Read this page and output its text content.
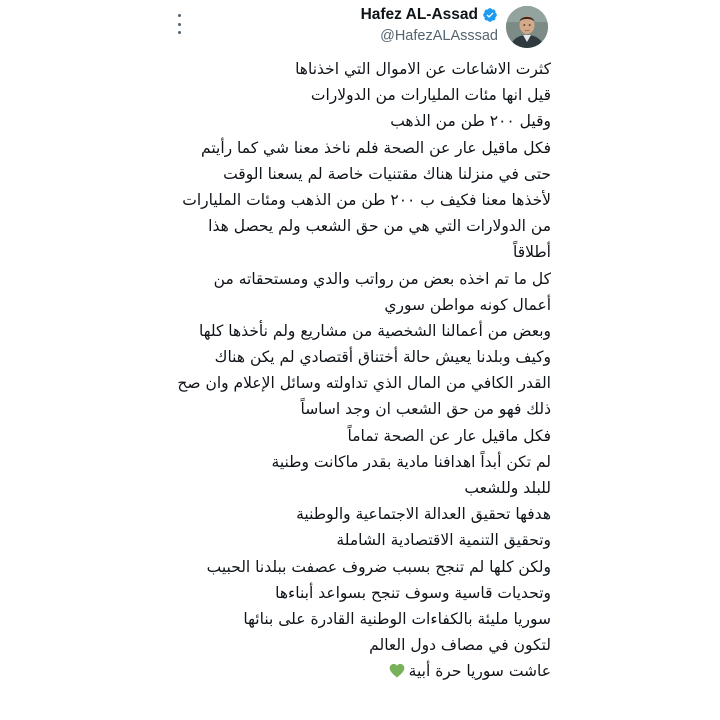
Hafez AL-Assad
@HafezALAsssad
كثرت الاشاعات عن الاموال التي اخذناها
قيل انها مئات المليارات من الدولارات
وقيل ٢٠٠ طن من الذهب
فكل ماقيل عار عن الصحة فلم ناخذ معنا شي كما رأيتم
حتى في منزلنا هناك مقتنيات خاصة لم يسعنا الوقت
لأخذها معنا فكيف ب ٢٠٠ طن من الذهب ومئات المليارات
من الدولارات التي هي من حق الشعب ولم يحصل هذا
أطلاقاً
كل ما تم اخذه بعض من رواتب والدي ومستحقاته من
أعمال كونه مواطن سوري
وبعض من أعمالنا الشخصية من مشاريع ولم نأخذها كلها
وكيف وبلدنا يعيش حالة أختناق أقتصادي لم يكن هناك
القدر الكافي من المال الذي تداولته وسائل الإعلام وان صح
ذلك فهو من حق الشعب ان وجد اساساً
فكل ماقيل عار عن الصحة تماماً
لم تكن أبداً اهدافنا مادية بقدر ماكانت وطنية
للبلد وللشعب
هدفها تحقيق العدالة الاجتماعية والوطنية
وتحقيق التنمية الاقتصادية الشاملة
ولكن كلها لم تنجح بسبب ضروف عصفت ببلدنا الحبيب
وتحديات قاسية وسوف تنجح بسواعد أبناءها
سوريا مليئة بالكفاءات الوطنية القادرة على بنائها
لتكون في مصاف دول العالم
عاشت سوريا حرة أبية
